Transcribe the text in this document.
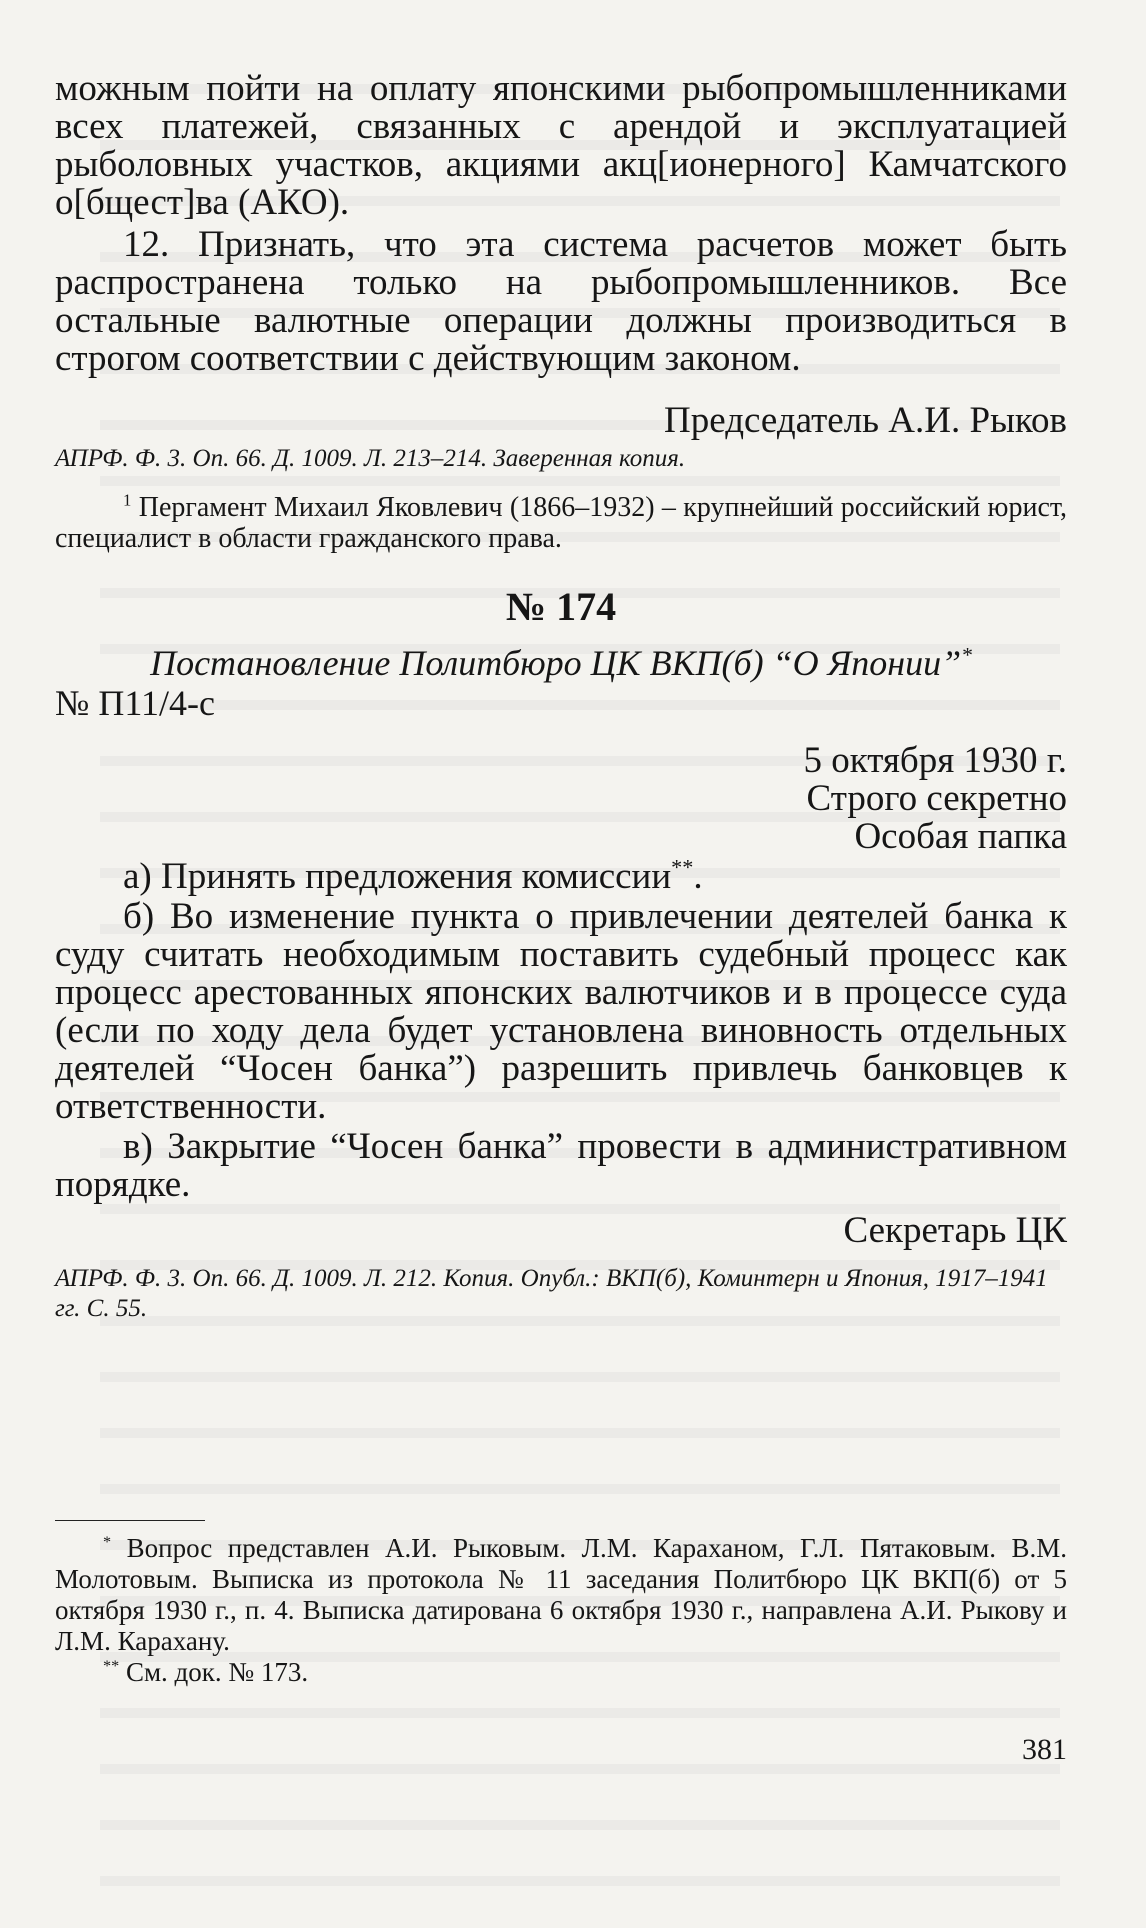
можным пойти на оплату японскими рыбопромышленниками всех платежей, связанных с арендой и эксплуатацией рыболовных участков, акциями акц[ионерного] Камчатского о[бщест]ва (АКО).

12. Признать, что эта система расчетов может быть распространена только на рыбопромышленников. Все остальные валютные операции должны производиться в строгом соответствии с действующим законом.

Председатель А.И. Рыков

АПРФ. Ф. 3. Оп. 66. Д. 1009. Л. 213–214. Заверенная копия.

$^1$ Пергамент Михаил Яковлевич (1866–1932) – крупнейший российский юрист, специалист в области гражданского права.

№ 174

Постановление Политбюро ЦК ВКП(б) “О Японии”*

№ П11/4-с

5 октября 1930 г.

Строго секретно

Особая папка

а) Принять предложения комиссии**.

б) Во изменение пункта о привлечении деятелей банка к суду считать необходимым поставить судебный процесс как процесс арестованных японских валютчиков и в процессе суда (если по ходу дела будет установлена виновность отдельных деятелей “Чосен банка”) разрешить привлечь банковцев к ответственности.

в) Закрытие “Чосен банка” провести в административном порядке.

Секретарь ЦК

АПРФ. Ф. 3. Оп. 66. Д. 1009. Л. 212. Копия. Опубл.: ВКП(б), Коминтерн и Япония, 1917–1941 гг. С. 55.

* Вопрос представлен А.И. Рыковым. Л.М. Караханом, Г.Л. Пятаковым. В.М. Молотовым. Выписка из протокола № 11 заседания Политбюро ЦК ВКП(б) от 5 октября 1930 г., п. 4. Выписка датирована 6 октября 1930 г., направлена А.И. Рыкову и Л.М. Карахану.

** См. док. № 173.

381
